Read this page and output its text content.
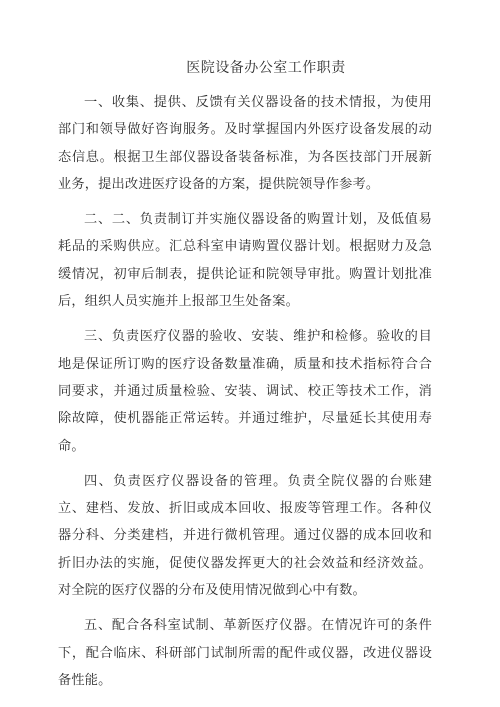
医院设备办公室工作职责

一、收集、提供、反馈有关仪器设备的技术情报，为使用部门和领导做好咨询服务。及时掌握国内外医疗设备发展的动态信息。根据卫生部仪器设备装备标准，为各医技部门开展新业务，提出改进医疗设备的方案，提供院领导作参考。

二、二、负责制订并实施仪器设备的购置计划，及低值易耗品的采购供应。汇总科室申请购置仪器计划。根据财力及急缓情况，初审后制表，提供论证和院领导审批。购置计划批准后，组织人员实施并上报部卫生处备案。

三、负责医疗仪器的验收、安装、维护和检修。验收的目地是保证所订购的医疗设备数量准确，质量和技术指标符合合同要求，并通过质量检验、安装、调试、校正等技术工作，消除故障，使机器能正常运转。并通过维护，尽量延长其使用寿命。

四、负责医疗仪器设备的管理。负责全院仪器的台账建立、建档、发放、折旧或成本回收、报废等管理工作。各种仪器分科、分类建档，并进行微机管理。通过仪器的成本回收和折旧办法的实施，促使仪器发挥更大的社会效益和经济效益。对全院的医疗仪器的分布及使用情况做到心中有数。

五、配合各科室试制、革新医疗仪器。在情况许可的条件下，配合临床、科研部门试制所需的配件或仪器，改进仪器设备性能。
